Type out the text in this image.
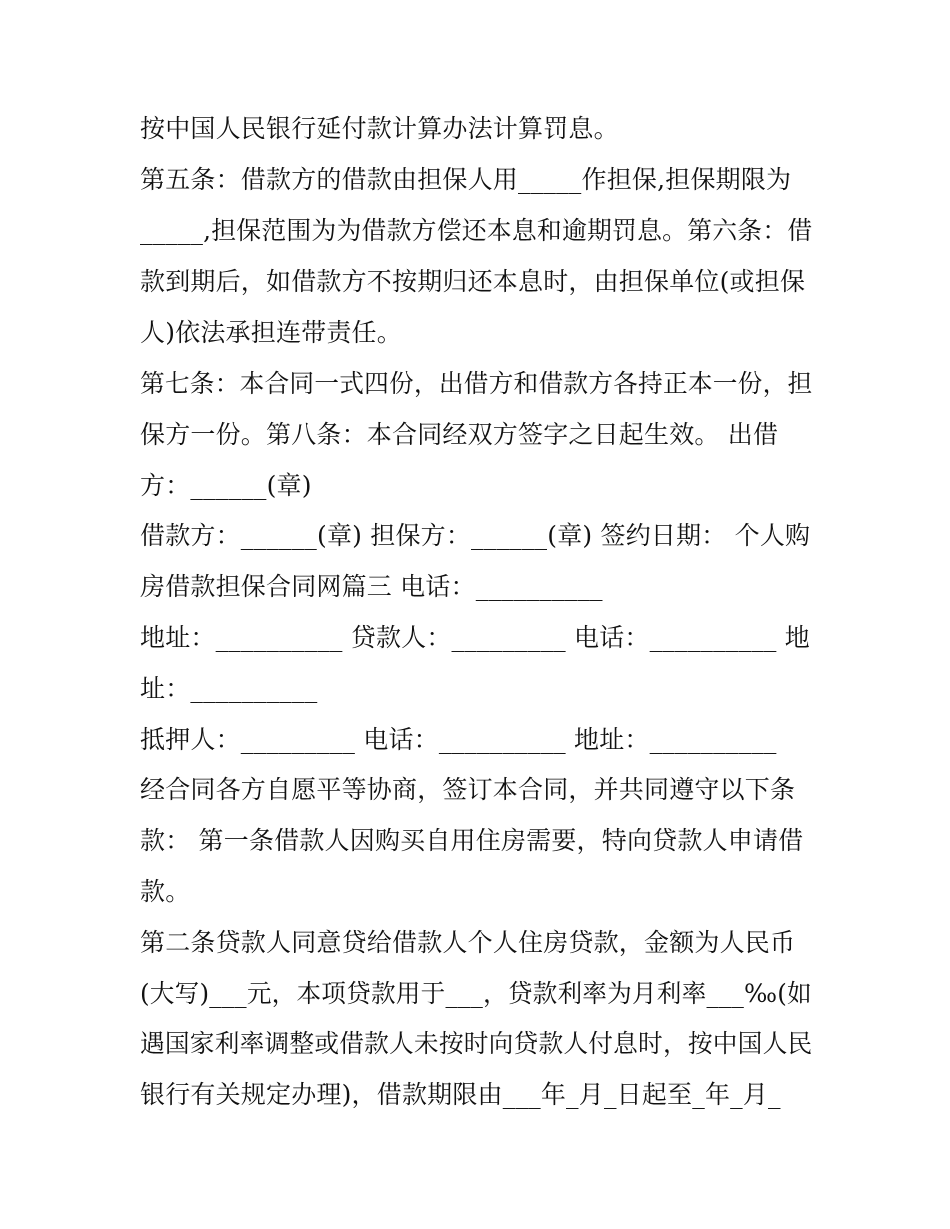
按中国人民银行延付款计算办法计算罚息。
第五条：借款方的借款由担保人用_____作担保,担保期限为
_____,担保范围为为借款方偿还本息和逾期罚息。第六条：借
款到期后，如借款方不按期归还本息时，由担保单位(或担保
人)依法承担连带责任。
第七条：本合同一式四份，出借方和借款方各持正本一份，担
保方一份。第八条：本合同经双方签字之日起生效。 出借
方：______(章)
借款方：______(章) 担保方：______(章) 签约日期： 个人购
房借款担保合同网篇三 电话：__________
地址：__________ 贷款人：_________ 电话：__________ 地
址：__________
抵押人：_________ 电话：__________ 地址：__________
经合同各方自愿平等协商，签订本合同，并共同遵守以下条
款： 第一条借款人因购买自用住房需要，特向贷款人申请借
款。
第二条贷款人同意贷给借款人个人住房贷款，金额为人民币
(大写)___元，本项贷款用于___，贷款利率为月利率___‰(如
遇国家利率调整或借款人未按时向贷款人付息时，按中国人民
银行有关规定办理)，借款期限由___年_月_日起至_年_月_
